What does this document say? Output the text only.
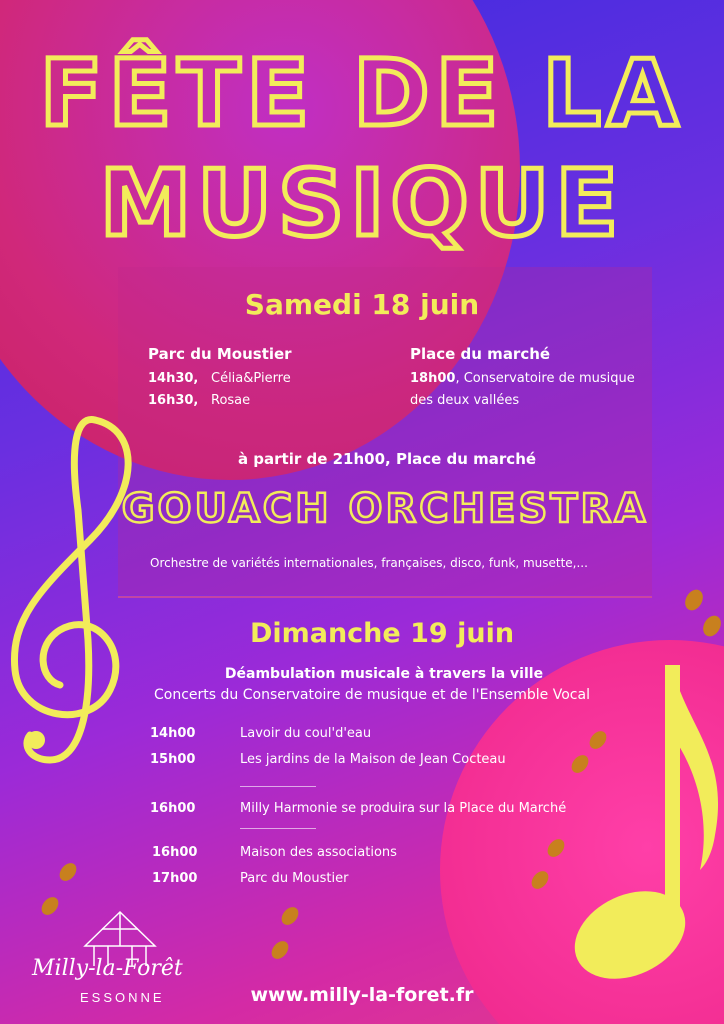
FÊTE DE LA
MUSIQUE
Samedi 18 juin
Parc du Moustier
14h30, Célia&Pierre
16h30, Rosae
Place du marché
18h00, Conservatoire de musique
des deux vallées
à partir de 21h00, Place du marché
GOUACH ORCHESTRA
Orchestre de variétés internationales, françaises, disco, funk, musette,...
Dimanche 19 juin
Déambulation musicale à travers la ville
Concerts du Conservatoire de musique et de l'Ensemble Vocal
14h00	Lavoir du coul'd'eau
15h00	Les jardins de la Maison de Jean Cocteau
16h00	Milly Harmonie se produira sur la Place du Marché
16h00	Maison des associations
17h00	Parc du Moustier
Milly-la-Forêt
ESSONNE	www.milly-la-foret.fr
